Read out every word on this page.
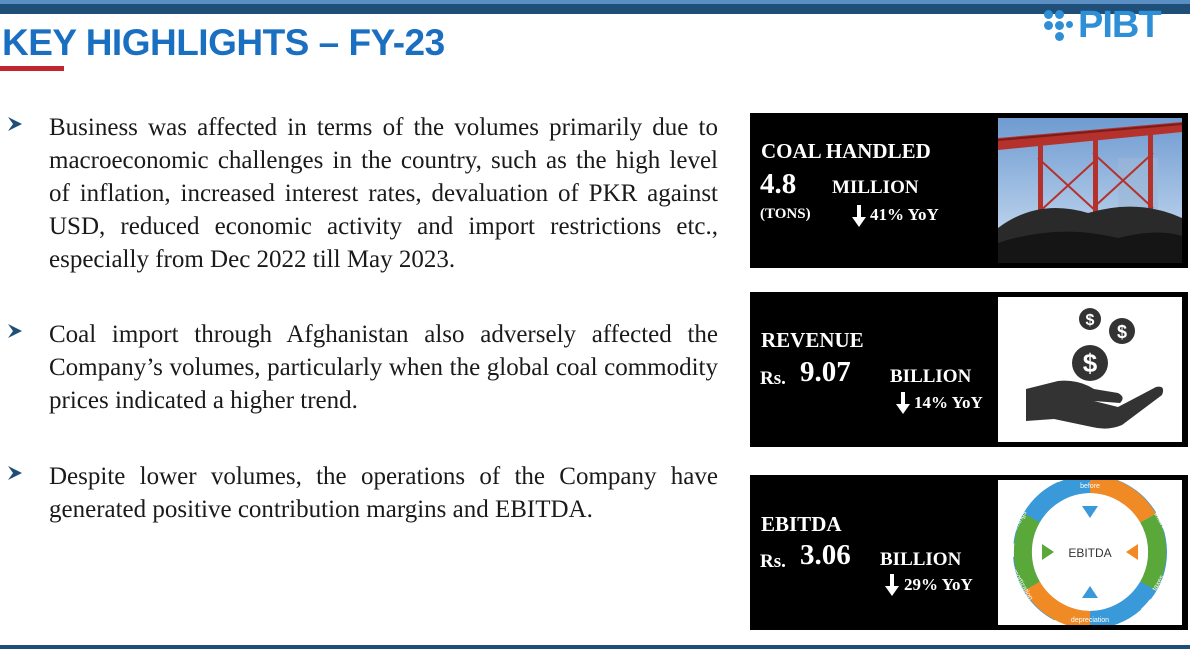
PIBT
KEY HIGHLIGHTS – FY-23

Business was affected in terms of the volumes primarily due to macroeconomic challenges in the country, such as the high level of inflation, increased interest rates, devaluation of PKR against USD, reduced economic activity and import restrictions etc., especially from Dec 2022 till May 2023.

Coal import through Afghanistan also adversely affected the Company’s volumes, particularly when the global coal commodity prices indicated a higher trend.

Despite lower volumes, the operations of the Company have generated positive contribution margins and EBITDA.

COAL HANDLED
4.8 MILLION
(TONS)	41% YoY
REVENUE
Rs. 9.07 BILLION
14% YoY
$
$
$
EBITDA
Rs. 3.06 BILLION
29% YoY
EBITDA
before
interest
taxes
depreciation
amortization
earnings
